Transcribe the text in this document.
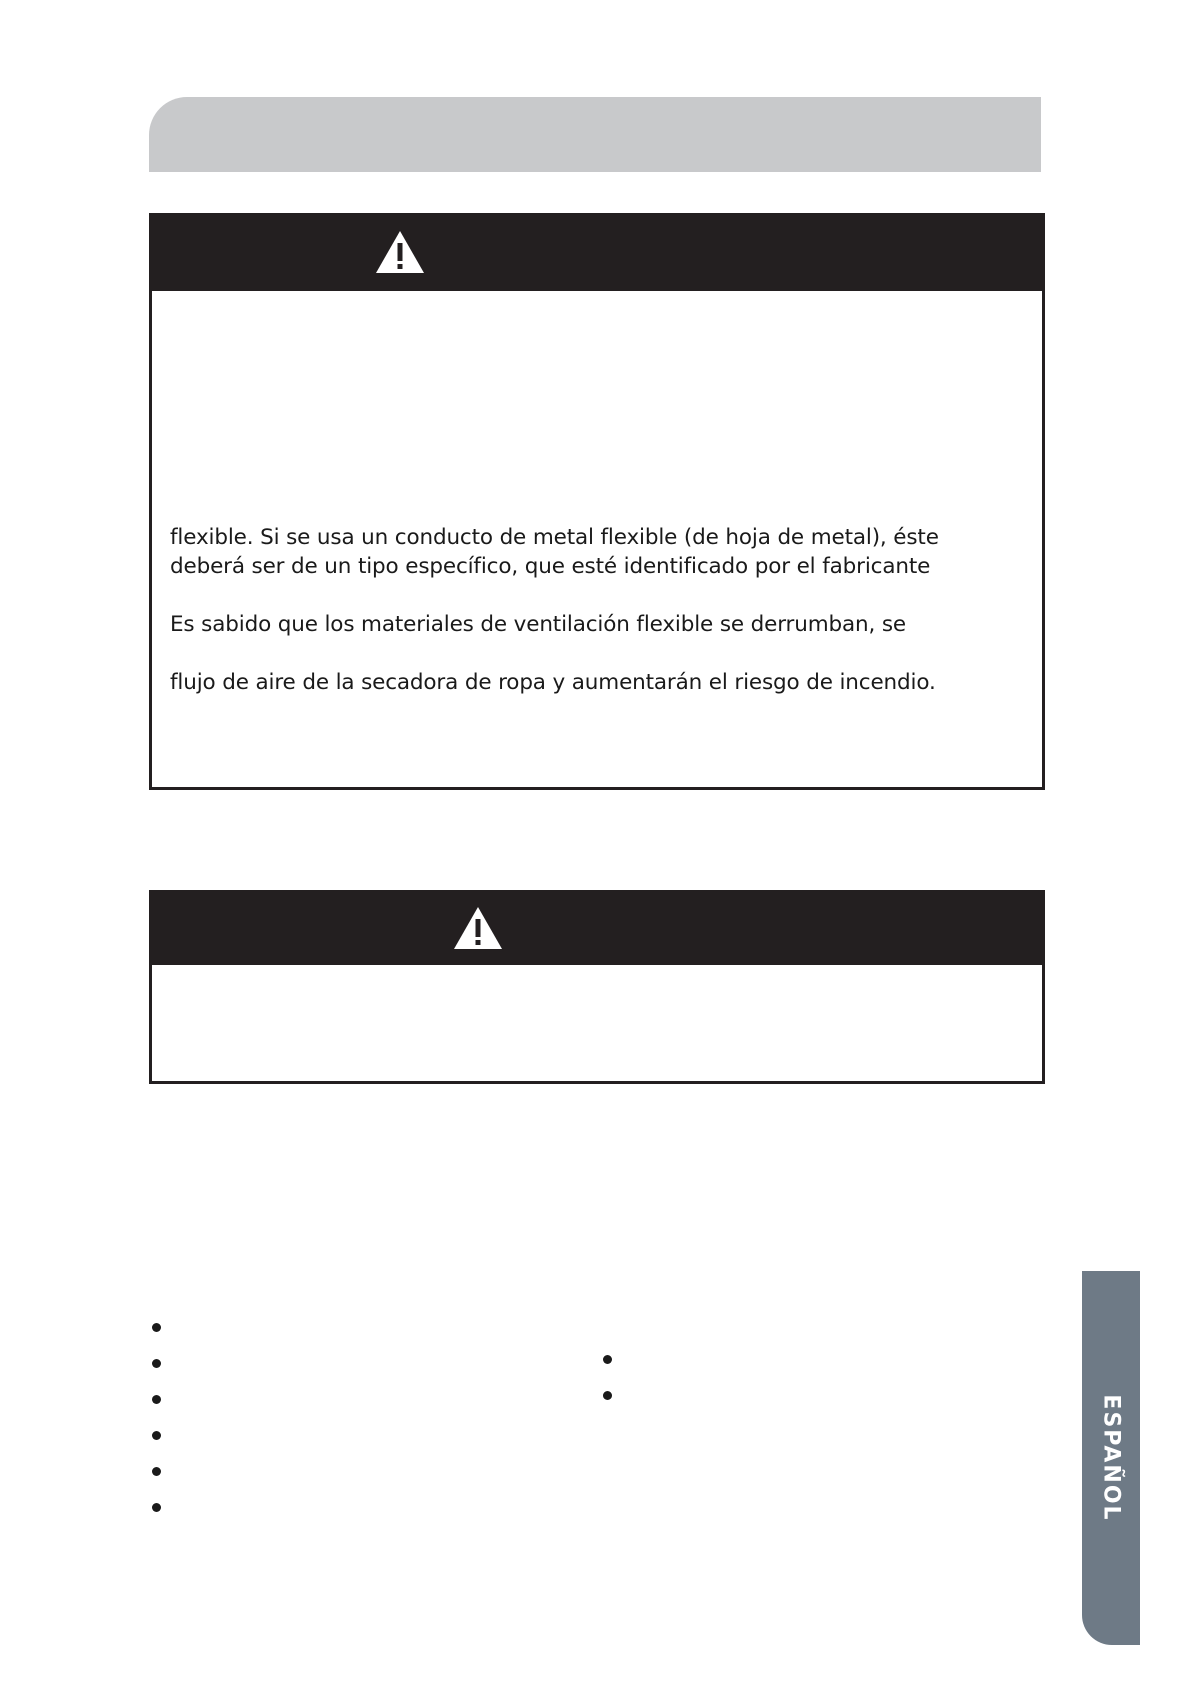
flexible. Si se usa un conducto de metal flexible (de hoja de metal), éste
deberá ser de un tipo específico, que esté identificado por el fabricante
Es sabido que los materiales de ventilación flexible se derrumban, se
flujo de aire de la secadora de ropa y aumentarán el riesgo de incendio.
ESPAÑOL
